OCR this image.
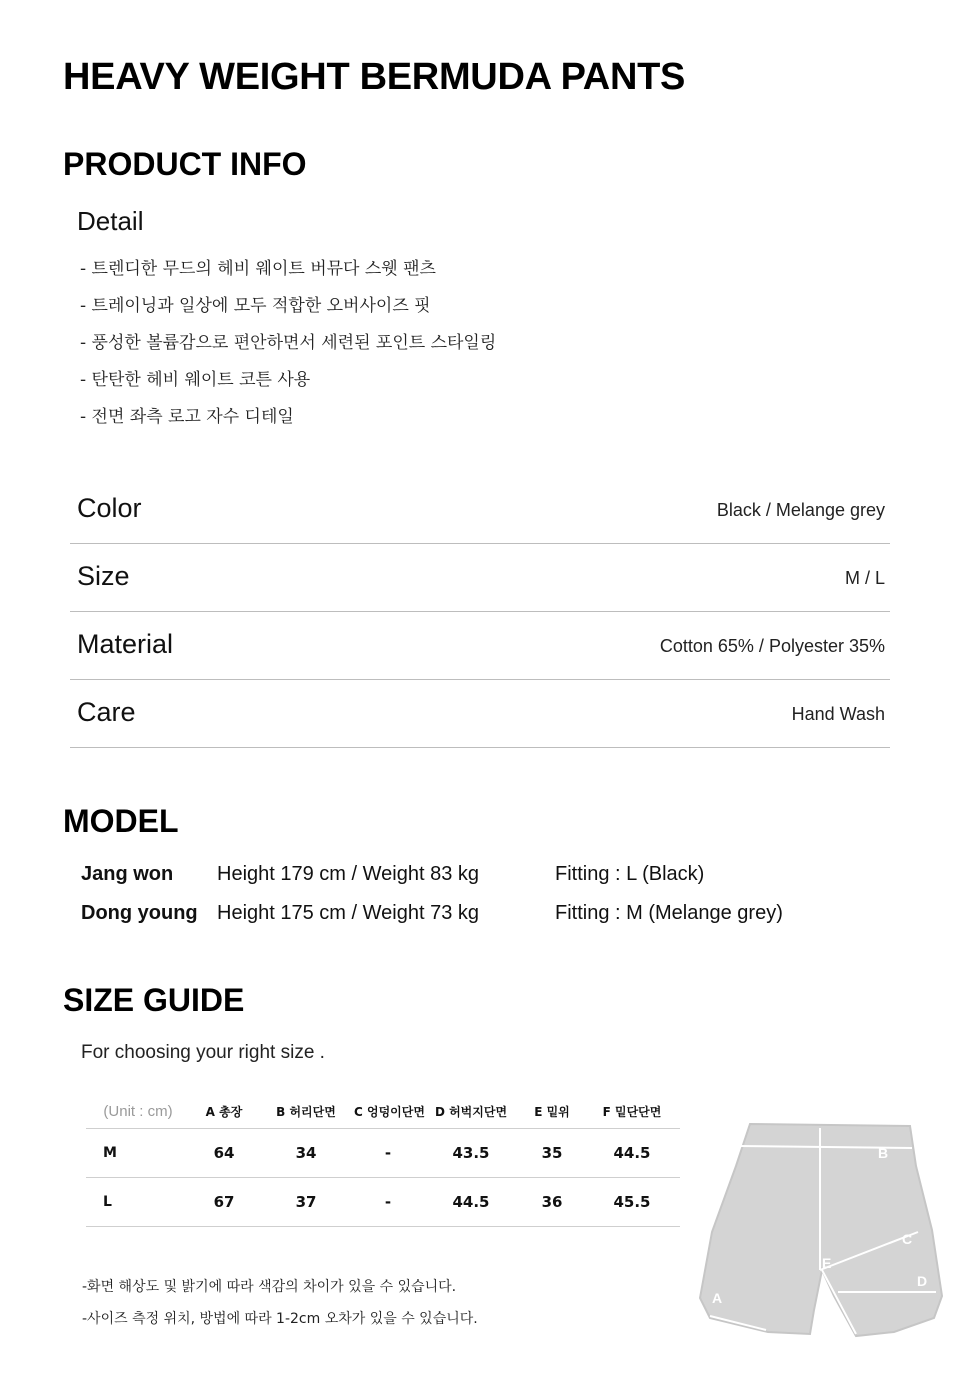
HEAVY WEIGHT BERMUDA PANTS
PRODUCT INFO
Detail
- 트렌디한 무드의 헤비 웨이트 버뮤다 스웻 팬츠
- 트레이닝과 일상에 모두 적합한 오버사이즈 핏
- 풍성한 볼륨감으로 편안하면서 세련된 포인트 스타일링
- 탄탄한 헤비 웨이트 코튼 사용
- 전면 좌측 로고 자수 디테일
Color	Black / Melange grey
Size	M / L
Material	Cotton 65% / Polyester 35%
Care	Hand Wash
MODEL
Jang won Height 179 cm / Weight 83 kg	Fitting : L (Black)
Dong young Height 175 cm / Weight 73 kg	Fitting : M (Melange grey)
SIZE GUIDE
For choosing your right size .
(Unit : cm)	A 총장	B 허리단면	C 엉덩이단면	D 허벅지단면	E 밑위	F 밑단단면
M	64	34	-	43.5	35	44.5
L	67	37	-	44.5	36	45.5
-화면 해상도 및 밝기에 따라 색감의 차이가 있을 수 있습니다.
-사이즈 측정 위치, 방법에 따라 1-2cm 오차가 있을 수 있습니다.
B
C
D
E
A
F
